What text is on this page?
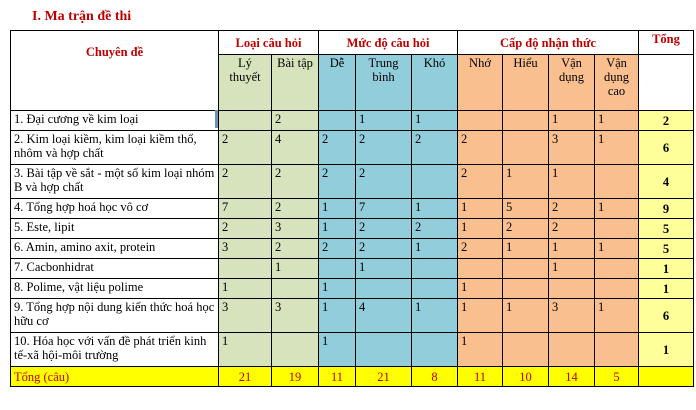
I. Ma trận đề thi
Chuyên đề	Loại câu hỏi		Mức độ câu hỏi			Cấp độ nhận thức				Tổng
	Lý thuyết	Bài tập	Dễ	Trung bình	Khó	Nhớ	Hiểu	Vận dụng	Vận dụng cao	
1. Đại cương về kim loại		2		1	1			1	1	2
2. Kim loại kiềm, kim loại kiềm thổ, nhôm và hợp chất	2	4	2	2	2	2		3	1	6
3. Bài tập về sắt - một số kim loại nhóm B và hợp chất	2	2	2	2		2	1	1		4
4. Tổng hợp hoá học vô cơ	7	2	1	7	1	1	5	2	1	9
5. Este, lipit	2	3	1	2	2	1	2	2		5
6. Amin, amino axit, protein	3	2	2	2	1	2	1	1	1	5
7. Cacbonhidrat		1		1				1		1
8. Polime, vật liệu polime	1		1			1				1
9. Tổng hợp nội dung kiến thức hoá học hữu cơ	3	3	1	4	1	1	1	3	1	6
10. Hóa học với vấn đề phát triển kinh tế-xã hội-môi trường	1		1			1				1
Tổng (câu)	21	19	11	21	8	11	10	14	5	
